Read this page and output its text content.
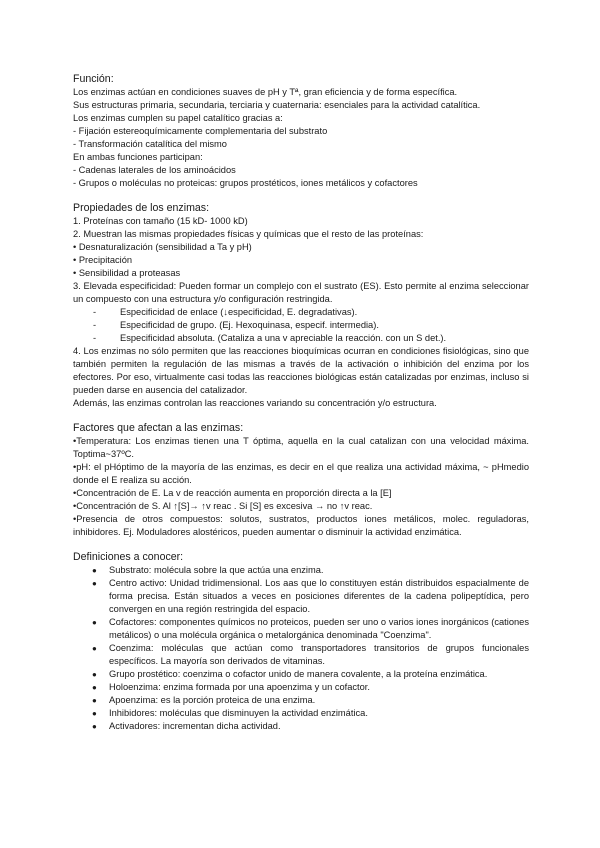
Función:
Los enzimas actúan en condiciones suaves de pH y Tª, gran eficiencia y de forma específica.
Sus estructuras primaria, secundaria, terciaria y cuaternaria: esenciales para la actividad catalítica.
Los enzimas cumplen su papel catalítico gracias a:
- Fijación estereoquímicamente complementaria del substrato
- Transformación catalítica del mismo
En ambas funciones participan:
- Cadenas laterales de los aminoácidos
- Grupos o moléculas no proteicas: grupos prostéticos, iones metálicos y cofactores
Propiedades de los enzimas:
1. Proteínas con tamaño (15 kD- 1000 kD)
2. Muestran las mismas propiedades físicas y químicas que el resto de las proteínas:
• Desnaturalización (sensibilidad a Ta y pH)
• Precipitación
• Sensibilidad a proteasas
3. Elevada especificidad: Pueden formar un complejo con el sustrato (ES). Esto permite al enzima seleccionar un compuesto con una estructura y/o configuración restringida.
-	Especificidad de enlace (↓especificidad, E. degradativas).
-	Especificidad de grupo. (Ej. Hexoquinasa, especif. intermedia).
-	Especificidad absoluta. (Cataliza a una v apreciable la reacción. con un S det.).
4. Los enzimas no sólo permiten que las reacciones bioquímicas ocurran en condiciones fisiológicas, sino que también permiten la regulación de las mismas a través de la activación o inhibición del enzima por los efectores. Por eso, virtualmente casi todas las reacciones biológicas están catalizadas por enzimas, incluso si pueden darse en ausencia del catalizador.
Además, las enzimas controlan las reacciones variando su concentración y/o estructura.
Factores que afectan a las enzimas:
•Temperatura: Los enzimas tienen una T óptima, aquella en la cual catalizan con una velocidad máxima. Toptima~37ºC.
•pH: el pHóptimo de la mayoría de las enzimas, es decir en el que realiza una actividad máxima, ~ pHmedio donde el E realiza su acción.
•Concentración de E. La v de reacción aumenta en proporción directa a la [E]
•Concentración de S. Al ↑[S]→ ↑v reac . Si [S] es excesiva → no ↑v reac.
•Presencia de otros compuestos: solutos, sustratos, productos iones metálicos, molec. reguladoras, inhibidores. Ej. Moduladores alostéricos, pueden aumentar o disminuir la actividad enzimática.
Definiciones a conocer:
●	Substrato: molécula sobre la que actúa una enzima.
●	Centro activo: Unidad tridimensional. Los aas que lo constituyen están distribuidos espacialmente de forma precisa. Están situados a veces en posiciones diferentes de la cadena polipeptídica, pero convergen en una región restringida del espacio.
●	Cofactores: componentes químicos no proteicos, pueden ser uno o varios iones inorgánicos (cationes metálicos) o una molécula orgánica o metalorgánica denominada "Coenzima".
●	Coenzima: moléculas que actúan como transportadores transitorios de grupos funcionales específicos. La mayoría son derivados de vitaminas.
●	Grupo prostético: coenzima o cofactor unido de manera covalente, a la proteína enzimática.
●	Holoenzima: enzima formada por una apoenzima y un cofactor.
●	Apoenzima: es la porción proteica de una enzima.
●	Inhibidores: moléculas que disminuyen la actividad enzimática.
●	Activadores: incrementan dicha actividad.
